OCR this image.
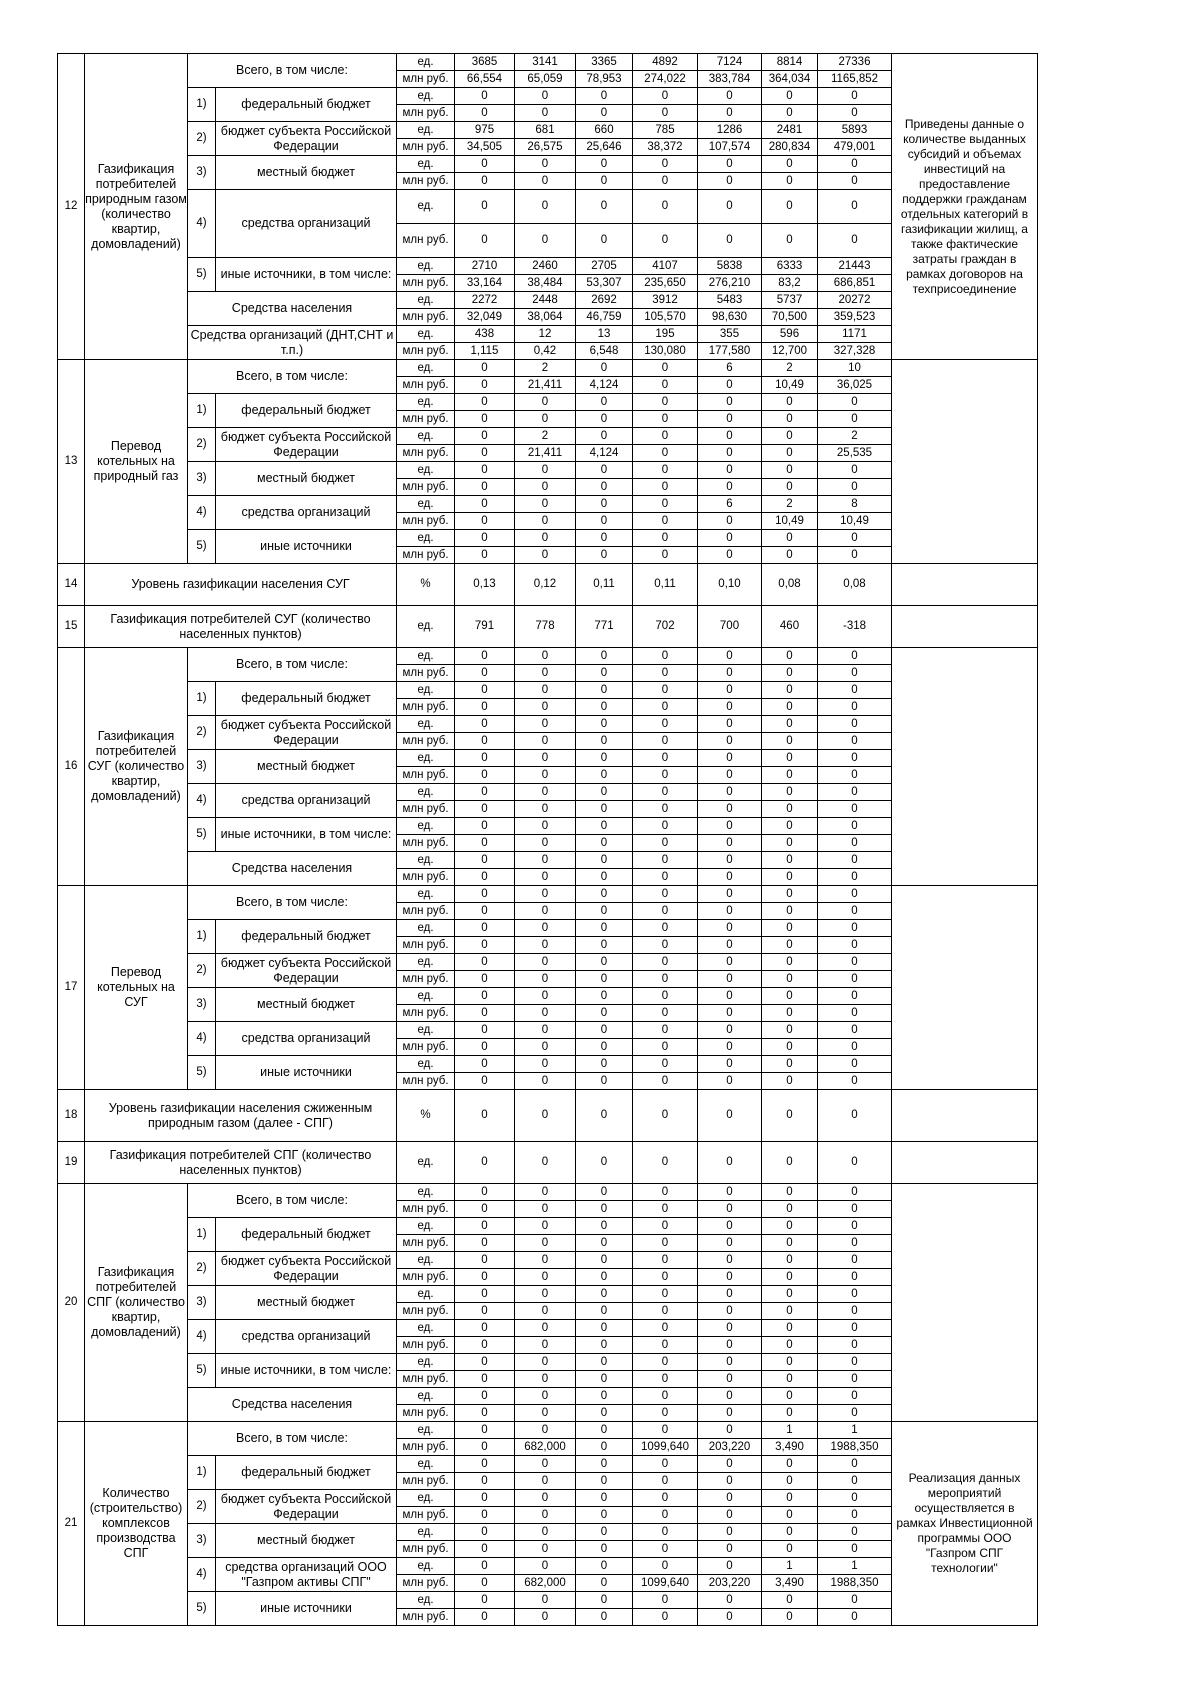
12	Газификация потребителей природным газом (количество квартир, домовладений)	Всего, в том числе:		ед.	3685	3141	3365	4892	7124	8814	27336	Приведены данные о количестве выданных субсидий и объемах инвестиций на предоставление поддержки гражданам отдельных категорий в газификации жилищ, а также фактические затраты граждан в рамках договоров на техприсоединение
				млн руб.	66,554	65,059	78,953	274,022	383,784	364,034	1165,852	
		1)	федеральный бюджет	ед.	0	0	0	0	0	0	0	
				млн руб.	0	0	0	0	0	0	0	
		2)	бюджет субъекта Российской Федерации	ед.	975	681	660	785	1286	2481	5893	
				млн руб.	34,505	26,575	25,646	38,372	107,574	280,834	479,001	
		3)	местный бюджет	ед.	0	0	0	0	0	0	0	
				млн руб.	0	0	0	0	0	0	0	
		4)	средства организаций	ед.	0	0	0	0	0	0	0	
				млн руб.	0	0	0	0	0	0	0	
		5)	иные источники, в том числе:	ед.	2710	2460	2705	4107	5838	6333	21443	
				млн руб.	33,164	38,484	53,307	235,650	276,210	83,2	686,851	
		Средства населения		ед.	2272	2448	2692	3912	5483	5737	20272	
				млн руб.	32,049	38,064	46,759	105,570	98,630	70,500	359,523	
		Средства организаций (ДНТ,СНТ и т.п.)		ед.	438	12	13	195	355	596	1171	
				млн руб.	1,115	0,42	6,548	130,080	177,580	12,700	327,328	
13	Перевод котельных на природный газ	Всего, в том числе:		ед.	0	2	0	0	6	2	10	
				млн руб.	0	21,411	4,124	0	0	10,49	36,025	
		1)	федеральный бюджет	ед.	0	0	0	0	0	0	0	
				млн руб.	0	0	0	0	0	0	0	
		2)	бюджет субъекта Российской Федерации	ед.	0	2	0	0	0	0	2	
				млн руб.	0	21,411	4,124	0	0	0	25,535	
		3)	местный бюджет	ед.	0	0	0	0	0	0	0	
				млн руб.	0	0	0	0	0	0	0	
		4)	средства организаций	ед.	0	0	0	0	6	2	8	
				млн руб.	0	0	0	0	0	10,49	10,49	
		5)	иные источники	ед.	0	0	0	0	0	0	0	
				млн руб.	0	0	0	0	0	0	0	
14	Уровень газификации населения СУГ			%	0,13	0,12	0,11	0,11	0,10	0,08	0,08	
15	Газификация потребителей СУГ (количество населенных пунктов)			ед.	791	778	771	702	700	460	-318	
16	Газификация потребителей СУГ (количество квартир, домовладений)	Всего, в том числе:		ед.	0	0	0	0	0	0	0	
				млн руб.	0	0	0	0	0	0	0	
		1)	федеральный бюджет	ед.	0	0	0	0	0	0	0	
				млн руб.	0	0	0	0	0	0	0	
		2)	бюджет субъекта Российской Федерации	ед.	0	0	0	0	0	0	0	
				млн руб.	0	0	0	0	0	0	0	
		3)	местный бюджет	ед.	0	0	0	0	0	0	0	
				млн руб.	0	0	0	0	0	0	0	
		4)	средства организаций	ед.	0	0	0	0	0	0	0	
				млн руб.	0	0	0	0	0	0	0	
		5)	иные источники, в том числе:	ед.	0	0	0	0	0	0	0	
				млн руб.	0	0	0	0	0	0	0	
		Средства населения		ед.	0	0	0	0	0	0	0	
				млн руб.	0	0	0	0	0	0	0	
17	Перевод котельных на СУГ	Всего, в том числе:		ед.	0	0	0	0	0	0	0	
				млн руб.	0	0	0	0	0	0	0	
		1)	федеральный бюджет	ед.	0	0	0	0	0	0	0	
				млн руб.	0	0	0	0	0	0	0	
		2)	бюджет субъекта Российской Федерации	ед.	0	0	0	0	0	0	0	
				млн руб.	0	0	0	0	0	0	0	
		3)	местный бюджет	ед.	0	0	0	0	0	0	0	
				млн руб.	0	0	0	0	0	0	0	
		4)	средства организаций	ед.	0	0	0	0	0	0	0	
				млн руб.	0	0	0	0	0	0	0	
		5)	иные источники	ед.	0	0	0	0	0	0	0	
				млн руб.	0	0	0	0	0	0	0	
18	Уровень газификации населения сжиженным природным газом (далее - СПГ)			%	0	0	0	0	0	0	0	
19	Газификация потребителей СПГ (количество населенных пунктов)			ед.	0	0	0	0	0	0	0	
20	Газификация потребителей СПГ (количество квартир, домовладений)	Всего, в том числе:		ед.	0	0	0	0	0	0	0	
				млн руб.	0	0	0	0	0	0	0	
		1)	федеральный бюджет	ед.	0	0	0	0	0	0	0	
				млн руб.	0	0	0	0	0	0	0	
		2)	бюджет субъекта Российской Федерации	ед.	0	0	0	0	0	0	0	
				млн руб.	0	0	0	0	0	0	0	
		3)	местный бюджет	ед.	0	0	0	0	0	0	0	
				млн руб.	0	0	0	0	0	0	0	
		4)	средства организаций	ед.	0	0	0	0	0	0	0	
				млн руб.	0	0	0	0	0	0	0	
		5)	иные источники, в том числе:	ед.	0	0	0	0	0	0	0	
				млн руб.	0	0	0	0	0	0	0	
		Средства населения		ед.	0	0	0	0	0	0	0	
				млн руб.	0	0	0	0	0	0	0	
21	Количество (строительство) комплексов производства СПГ	Всего, в том числе:		ед.	0	0	0	0	0	1	1	Реализация данных мероприятий осуществляется в рамках Инвестиционной программы ООО "Газпром СПГ технологии"
				млн руб.	0	682,000	0	1099,640	203,220	3,490	1988,350	
		1)	федеральный бюджет	ед.	0	0	0	0	0	0	0	
				млн руб.	0	0	0	0	0	0	0	
		2)	бюджет субъекта Российской Федерации	ед.	0	0	0	0	0	0	0	
				млн руб.	0	0	0	0	0	0	0	
		3)	местный бюджет	ед.	0	0	0	0	0	0	0	
				млн руб.	0	0	0	0	0	0	0	
		4)	средства организаций ООО "Газпром активы СПГ"	ед.	0	0	0	0	0	1	1	
				млн руб.	0	682,000	0	1099,640	203,220	3,490	1988,350	
		5)	иные источники	ед.	0	0	0	0	0	0	0	
				млн руб.	0	0	0	0	0	0	0	
